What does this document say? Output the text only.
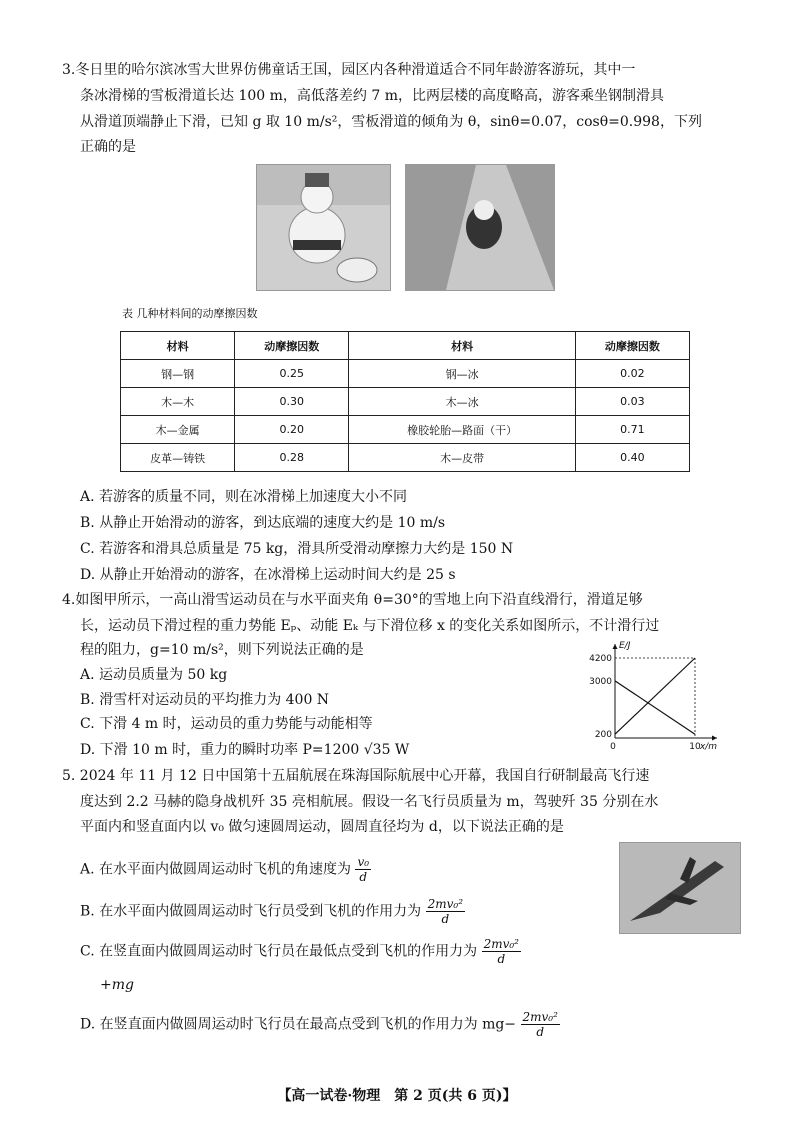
3.冬日里的哈尔滨冰雪大世界仿佛童话王国，园区内各种滑道适合不同年龄游客游玩，其中一
条冰滑梯的雪板滑道长达 100 m，高低落差约 7 m，比两层楼的高度略高，游客乘坐钢制滑具
从滑道顶端静止下滑，已知 g 取 10 m/s²，雪板滑道的倾角为 θ，sinθ=0.07，cosθ=0.998，下列
正确的是
表 几种材料间的动摩擦因数
材料	动摩擦因数	材料	动摩擦因数
钢—钢	0.25	钢—冰	0.02
木—木	0.30	木—冰	0.03
木—金属	0.20	橡胶轮胎—路面（干）	0.71
皮革—铸铁	0.28	木—皮带	0.40
A. 若游客的质量不同，则在冰滑梯上加速度大小不同
B. 从静止开始滑动的游客，到达底端的速度大约是 10 m/s
C. 若游客和滑具总质量是 75 kg，滑具所受滑动摩擦力大约是 150 N
D. 从静止开始滑动的游客，在冰滑梯上运动时间大约是 25 s
4.如图甲所示，一高山滑雪运动员在与水平面夹角 θ=30°的雪地上向下沿直线滑行，滑道足够
长，运动员下滑过程的重力势能 Eₚ、动能 Eₖ 与下滑位移 x 的变化关系如图所示，不计滑行过
程的阻力，g=10 m/s²，则下列说法正确的是
A. 运动员质量为 50 kg
B. 滑雪杆对运动员的平均推力为 400 N
C. 下滑 4 m 时，运动员的重力势能与动能相等
D. 下滑 10 m 时，重力的瞬时功率 P=1200 √35 W
200
3000
4200
0	10
E/J
x/m
5. 2024 年 11 月 12 日中国第十五届航展在珠海国际航展中心开幕，我国自行研制最高飞行速
度达到 2.2 马赫的隐身战机歼 35 亮相航展。假设一名飞行员质量为 m，驾驶歼 35 分别在水
平面内和竖直面内以 v₀ 做匀速圆周运动，圆周直径均为 d，以下说法正确的是
A. 在水平面内做圆周运动时飞机的角速度为 $\frac{\text{v₀}}{d}$
B. 在水平面内做圆周运动时飞行员受到飞机的作用力为 $\frac{\text{2mv₀²}}{d}$
C. 在竖直面内做圆周运动时飞行员在最低点受到飞机的作用力为 $\frac{\text{2mv₀²}}{d}$
+mg
D. 在竖直面内做圆周运动时飞行员在最高点受到飞机的作用力为 $mg- \frac{\text{2mv₀²}}{d}$
【高一试卷·物理　第 2 页(共 6 页)】
